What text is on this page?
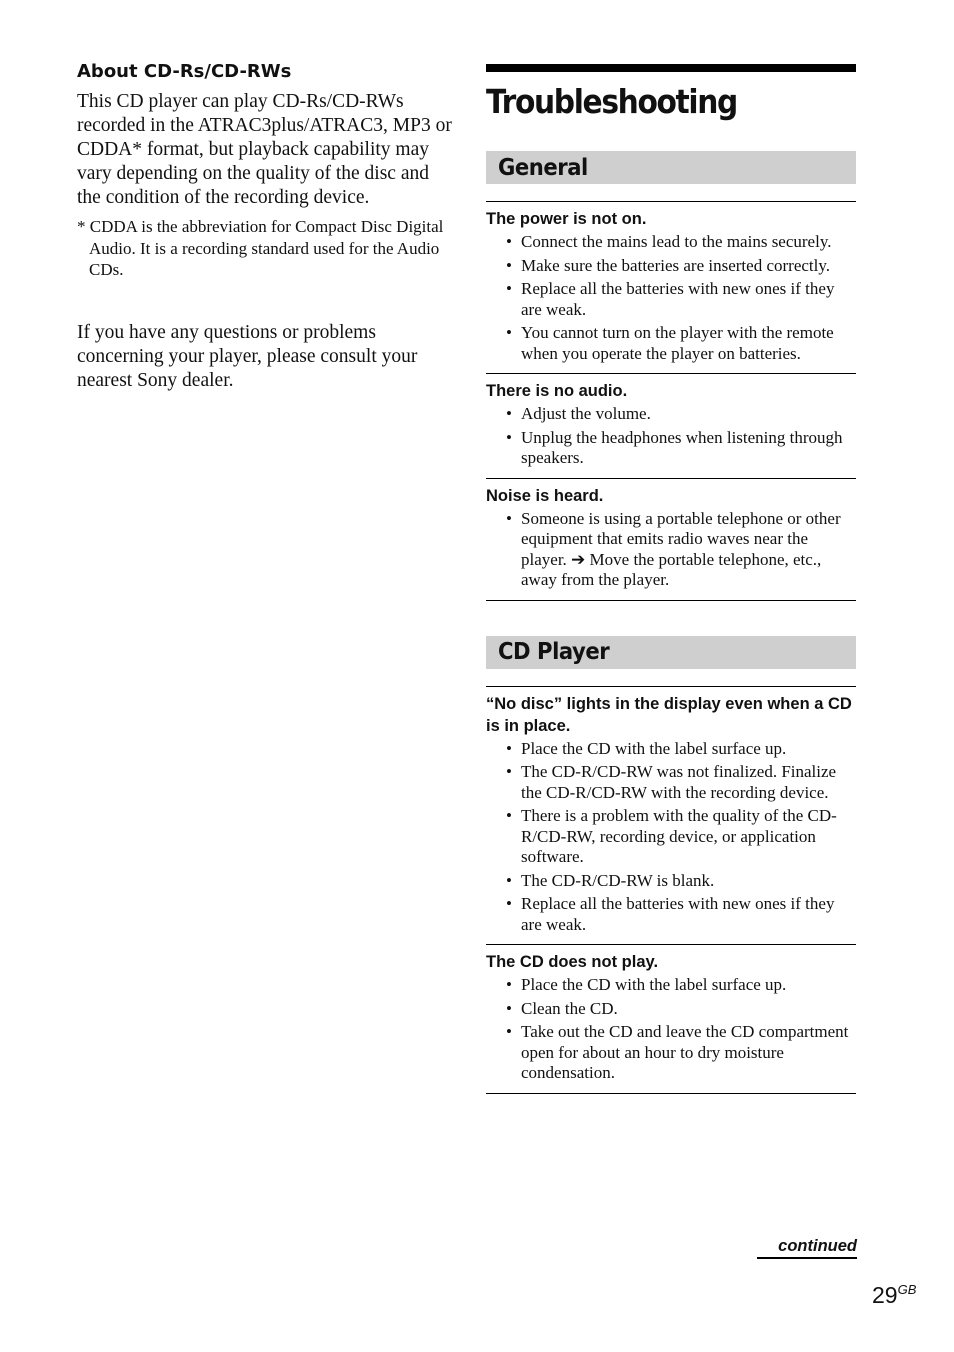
About CD-Rs/CD-RWs

This CD player can play CD-Rs/CD-RWs recorded in the ATRAC3plus/ATRAC3, MP3 or CDDA* format, but playback capability may vary depending on the quality of the disc and the condition of the recording device.

* CDDA is the abbreviation for Compact Disc Digital Audio. It is a recording standard used for the Audio CDs.

If you have any questions or problems concerning your player, please consult your nearest Sony dealer.

Troubleshooting
General
The power is not on.
• Connect the mains lead to the mains securely.
• Make sure the batteries are inserted correctly.
• Replace all the batteries with new ones if they are weak.
• You cannot turn on the player with the remote when you operate the player on batteries.
There is no audio.
• Adjust the volume.
• Unplug the headphones when listening through speakers.
Noise is heard.
• Someone is using a portable telephone or other equipment that emits radio waves near the player. ➔ Move the portable telephone, etc., away from the player.
CD Player
“No disc” lights in the display even when a CD is in place.
• Place the CD with the label surface up.
• The CD-R/CD-RW was not finalized. Finalize the CD-R/CD-RW with the recording device.
• There is a problem with the quality of the CD-R/CD-RW, recording device, or application software.
• The CD-R/CD-RW is blank.
• Replace all the batteries with new ones if they are weak.
The CD does not play.
• Place the CD with the label surface up.
• Clean the CD.
• Take out the CD and leave the CD compartment open for about an hour to dry moisture condensation.
continued
$29^{GB}$
